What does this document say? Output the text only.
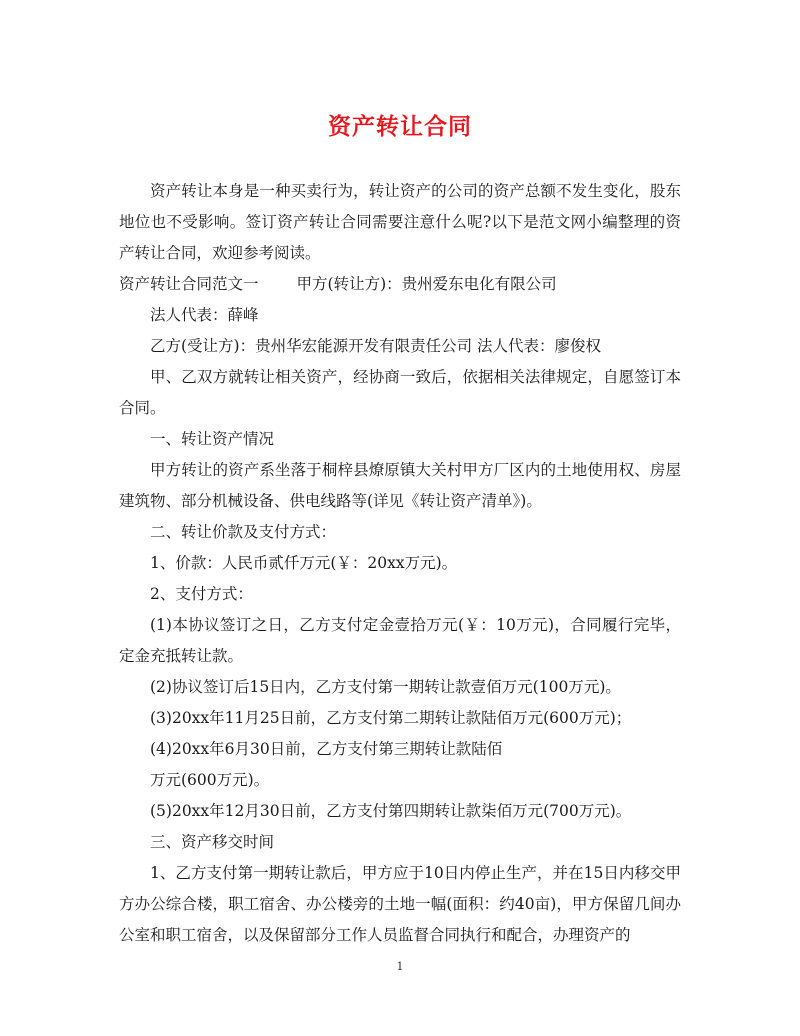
资产转让合同

资产转让本身是一种买卖行为，转让资产的公司的资产总额不发生变化，股东地位也不受影响。签订资产转让合同需要注意什么呢?以下是范文网小编整理的资产转让合同，欢迎参考阅读。

资产转让合同范文一 甲方(转让方)：贵州爱东电化有限公司

法人代表：薛峰

乙方(受让方)：贵州华宏能源开发有限责任公司 法人代表：廖俊权

甲、乙双方就转让相关资产，经协商一致后，依据相关法律规定，自愿签订本合同。

一、转让资产情况

甲方转让的资产系坐落于桐梓县燎原镇大关村甲方厂区内的土地使用权、房屋建筑物、部分机械设备、供电线路等(详见《转让资产清单》)。

二、转让价款及支付方式：

1、价款：人民币贰仟万元(￥：20xx万元)。

2、支付方式：

(1)本协议签订之日，乙方支付定金壹拾万元(￥：10万元)，合同履行完毕，定金充抵转让款。

(2)协议签订后15日内，乙方支付第一期转让款壹佰万元(100万元)。

(3)20xx年11月25日前，乙方支付第二期转让款陆佰万元(600万元)；

(4)20xx年6月30日前，乙方支付第三期转让款陆佰

万元(600万元)。

(5)20xx年12月30日前，乙方支付第四期转让款柒佰万元(700万元)。

三、资产移交时间

1、乙方支付第一期转让款后，甲方应于10日内停止生产，并在15日内移交甲方办公综合楼，职工宿舍、办公楼旁的土地一幅(面积：约40亩)，甲方保留几间办公室和职工宿舍，以及保留部分工作人员监督合同执行和配合，办理资产的

1
